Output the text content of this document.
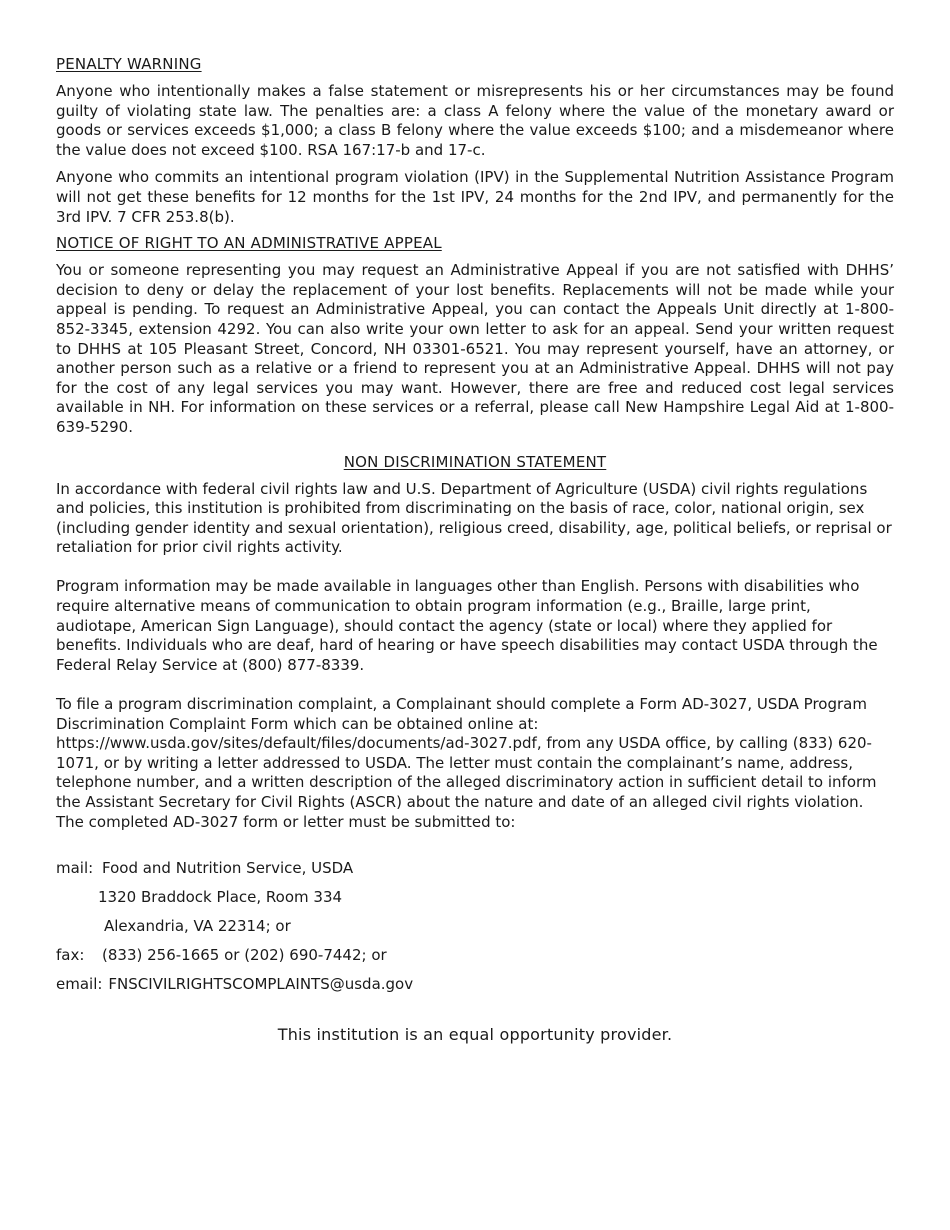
PENALTY WARNING

Anyone who intentionally makes a false statement or misrepresents his or her circumstances may be found guilty of violating state law. The penalties are: a class A felony where the value of the monetary award or goods or services exceeds $1,000; a class B felony where the value exceeds $100; and a misdemeanor where the value does not exceed $100. RSA 167:17-b and 17-c.

Anyone who commits an intentional program violation (IPV) in the Supplemental Nutrition Assistance Program will not get these benefits for 12 months for the 1st IPV, 24 months for the 2nd IPV, and permanently for the 3rd IPV. 7 CFR 253.8(b).

NOTICE OF RIGHT TO AN ADMINISTRATIVE APPEAL

You or someone representing you may request an Administrative Appeal if you are not satisfied with DHHS’ decision to deny or delay the replacement of your lost benefits. Replacements will not be made while your appeal is pending. To request an Administrative Appeal, you can contact the Appeals Unit directly at 1-800-852-3345, extension 4292. You can also write your own letter to ask for an appeal. Send your written request to DHHS at 105 Pleasant Street, Concord, NH 03301-6521. You may represent yourself, have an attorney, or another person such as a relative or a friend to represent you at an Administrative Appeal. DHHS will not pay for the cost of any legal services you may want. However, there are free and reduced cost legal services available in NH. For information on these services or a referral, please call New Hampshire Legal Aid at 1-800-639-5290.

NON DISCRIMINATION STATEMENT

In accordance with federal civil rights law and U.S. Department of Agriculture (USDA) civil rights regulations and policies, this institution is prohibited from discriminating on the basis of race, color, national origin, sex (including gender identity and sexual orientation), religious creed, disability, age, political beliefs, or reprisal or retaliation for prior civil rights activity.

Program information may be made available in languages other than English. Persons with disabilities who require alternative means of communication to obtain program information (e.g., Braille, large print, audiotape, American Sign Language), should contact the agency (state or local) where they applied for benefits. Individuals who are deaf, hard of hearing or have speech disabilities may contact USDA through the Federal Relay Service at (800) 877-8339.

To file a program discrimination complaint, a Complainant should complete a Form AD-3027, USDA Program Discrimination Complaint Form which can be obtained online at: https://www.usda.gov/sites/default/files/documents/ad-3027.pdf, from any USDA office, by calling (833) 620-1071, or by writing a letter addressed to USDA. The letter must contain the complainant’s name, address, telephone number, and a written description of the alleged discriminatory action in sufficient detail to inform the Assistant Secretary for Civil Rights (ASCR) about the nature and date of an alleged civil rights violation. The completed AD-3027 form or letter must be submitted to:

mail: Food and Nutrition Service, USDA
1320 Braddock Place, Room 334
Alexandria, VA 22314; or
fax:	(833) 256-1665 or (202) 690-7442; or
email: FNSCIVILRIGHTSCOMPLAINTS@usda.gov
This institution is an equal opportunity provider.
